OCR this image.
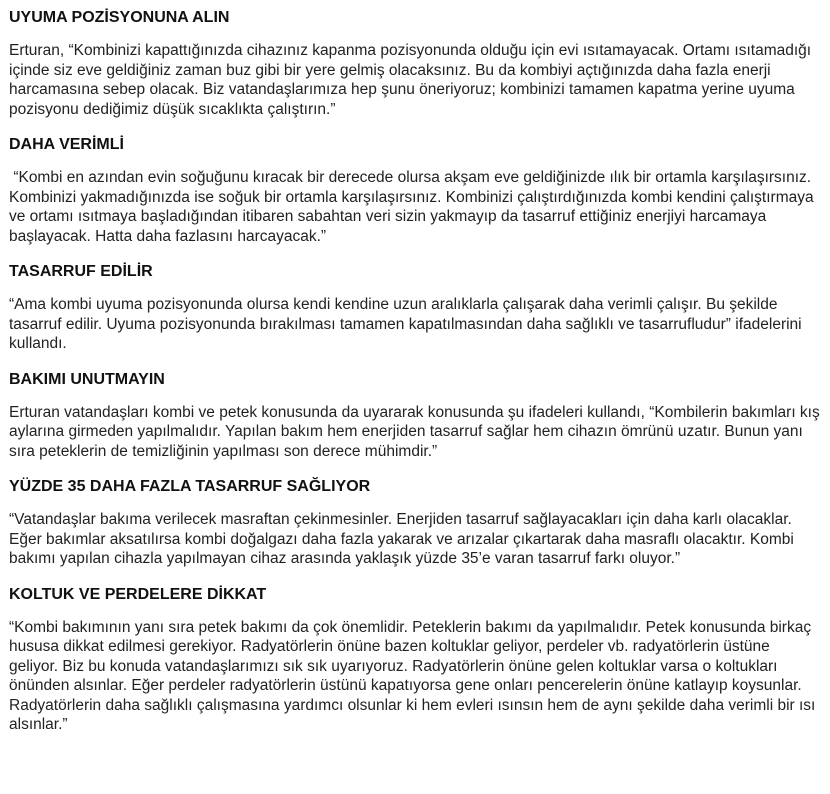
UYUMA POZİSYONUNA ALIN

Erturan, “Kombinizi kapattığınızda cihazınız kapanma pozisyonunda olduğu için evi ısıtamayacak. Ortamı ısıtamadığı içinde siz eve geldiğiniz zaman buz gibi bir yere gelmiş olacaksınız. Bu da kombiyi açtığınızda daha fazla enerji harcamasına sebep olacak. Biz vatandaşlarımıza hep şunu öneriyoruz; kombinizi tamamen kapatma yerine uyuma pozisyonu dediğimiz düşük sıcaklıkta çalıştırın.”

DAHA VERİMLİ

“Kombi en azından evin soğuğunu kıracak bir derecede olursa akşam eve geldiğinizde ılık bir ortamla karşılaşırsınız. Kombinizi yakmadığınızda ise soğuk bir ortamla karşılaşırsınız. Kombinizi çalıştırdığınızda kombi kendini çalıştırmaya ve ortamı ısıtmaya başladığından itibaren sabahtan veri sizin yakmayıp da tasarruf ettiğiniz enerjiyi harcamaya başlayacak. Hatta daha fazlasını harcayacak.”

TASARRUF EDİLİR

“Ama kombi uyuma pozisyonunda olursa kendi kendine uzun aralıklarla çalışarak daha verimli çalışır. Bu şekilde tasarruf edilir. Uyuma pozisyonunda bırakılması tamamen kapatılmasından daha sağlıklı ve tasarrufludur” ifadelerini kullandı.

BAKIMI UNUTMAYIN

Erturan vatandaşları kombi ve petek konusunda da uyararak konusunda şu ifadeleri kullandı, “Kombilerin bakımları kış aylarına girmeden yapılmalıdır. Yapılan bakım hem enerjiden tasarruf sağlar hem cihazın ömrünü uzatır. Bunun yanı sıra peteklerin de temizliğinin yapılması son derece mühimdir.”

YÜZDE 35 DAHA FAZLA TASARRUF SAĞLIYOR

“Vatandaşlar bakıma verilecek masraftan çekinmesinler. Enerjiden tasarruf sağlayacakları için daha karlı olacaklar. Eğer bakımlar aksatılırsa kombi doğalgazı daha fazla yakarak ve arızalar çıkartarak daha masraflı olacaktır. Kombi bakımı yapılan cihazla yapılmayan cihaz arasında yaklaşık yüzde 35’e varan tasarruf farkı oluyor.”

KOLTUK VE PERDELERE DİKKAT

“Kombi bakımının yanı sıra petek bakımı da çok önemlidir. Peteklerin bakımı da yapılmalıdır. Petek konusunda birkaç hususa dikkat edilmesi gerekiyor. Radyatörlerin önüne bazen koltuklar geliyor, perdeler vb. radyatörlerin üstüne geliyor. Biz bu konuda vatandaşlarımızı sık sık uyarıyoruz. Radyatörlerin önüne gelen koltuklar varsa o koltukları önünden alsınlar. Eğer perdeler radyatörlerin üstünü kapatıyorsa gene onları pencerelerin önüne katlayıp koysunlar. Radyatörlerin daha sağlıklı çalışmasına yardımcı olsunlar ki hem evleri ısınsın hem de aynı şekilde daha verimli bir ısı alsınlar.”
